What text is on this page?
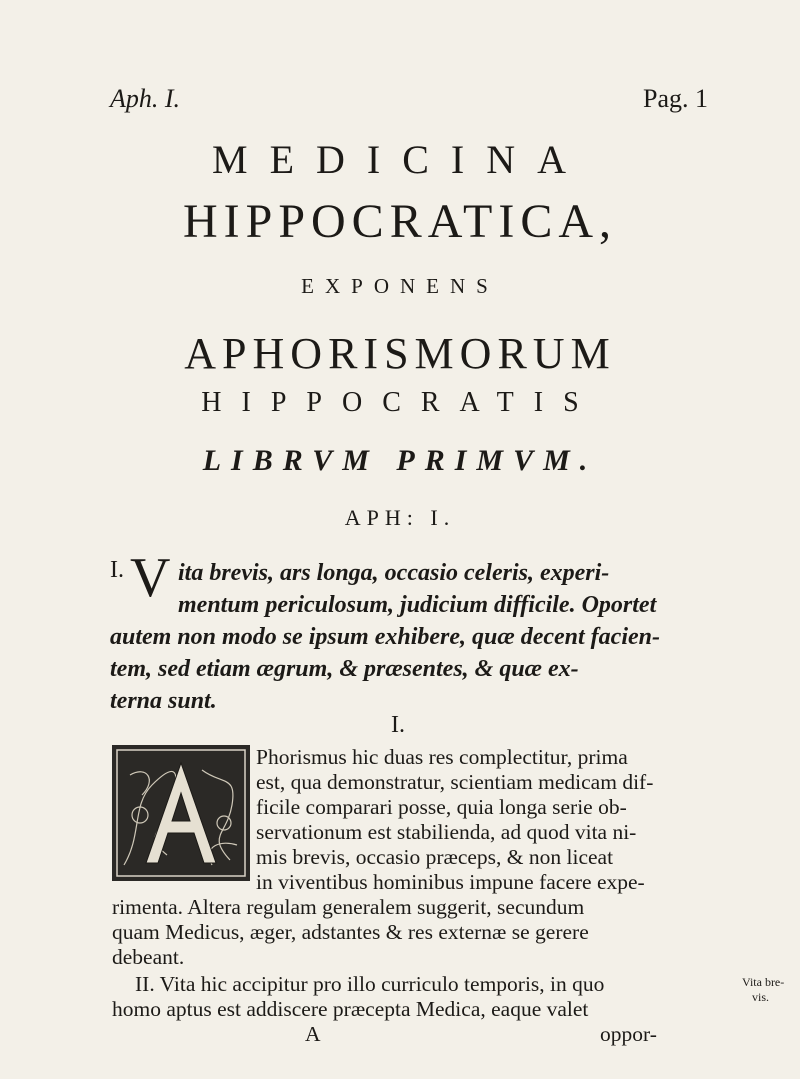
Aph. I.	Pag. 1
MEDICINA
HIPPOCRATICA,
EXPONENS
APHORISMORUM
HIPPOCRATIS
LIBRVM PRIMVM.
APH: I.
I. V ita brevis, ars longa, occasio celeris, experi-
mentum periculosum, judicium difficile. Oportet
autem non modo se ipsum exhibere, quæ decent facien-
tem, sed etiam ægrum, & præsentes, & quæ ex-
terna sunt.
I.
Phorismus hic duas res complectitur, prima
est, qua demonstratur, scientiam medicam dif-
ficile comparari posse, quia longa serie ob-
servationum est stabilienda, ad quod vita ni-
mis brevis, occasio præceps, & non liceat
in viventibus hominibus impune facere expe-
rimenta. Altera regulam generalem suggerit, secundum
quam Medicus, æger, adstantes & res externæ se gerere
debeant.
II. Vita hic accipitur pro illo curriculo temporis, in quo
homo aptus est addiscere præcepta Medica, eaque valet
A	oppor-
Vita bre-
vis.
